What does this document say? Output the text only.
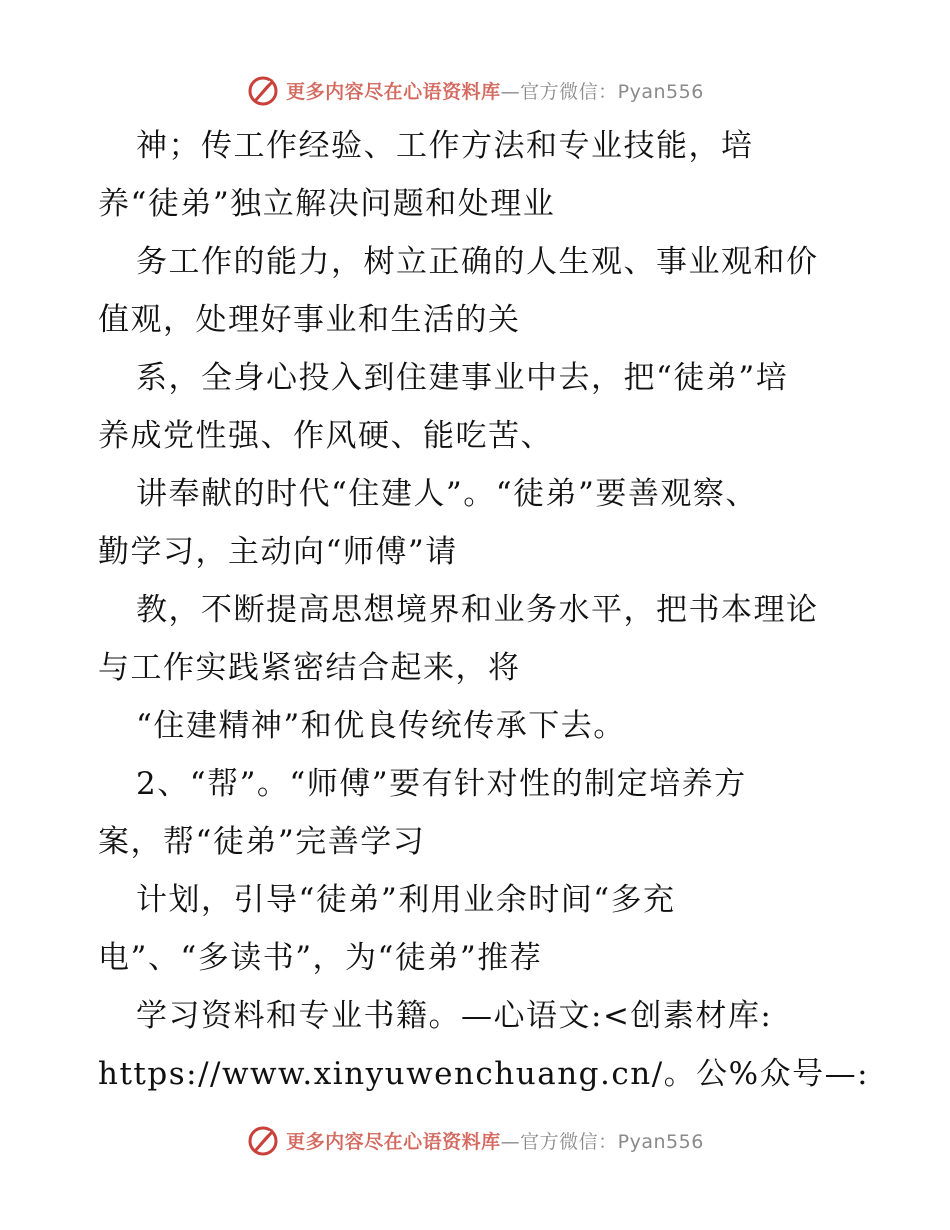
更多内容尽在心语资料库—官方微信：Pyan556
神；传工作经验、工作方法和专业技能，培
养“徒弟”独立解决问题和处理业
务工作的能力，树立正确的人生观、事业观和价
值观，处理好事业和生活的关
系，全身心投入到住建事业中去，把“徒弟”培
养成党性强、作风硬、能吃苦、
讲奉献的时代“住建人”。“徒弟”要善观察、
勤学习，主动向“师傅”请
教，不断提高思想境界和业务水平，把书本理论
与工作实践紧密结合起来，将
“住建精神”和优良传统传承下去。
2、“帮”。“师傅”要有针对性的制定培养方
案，帮“徒弟”完善学习
计划，引导“徒弟”利用业余时间“多充
电”、“多读书”，为“徒弟”推荐
学习资料和专业书籍。—心语文:<创素材库:
https://www.xinyuwenchuang.cn/。公%众号—:
更多内容尽在心语资料库—官方微信：Pyan556
